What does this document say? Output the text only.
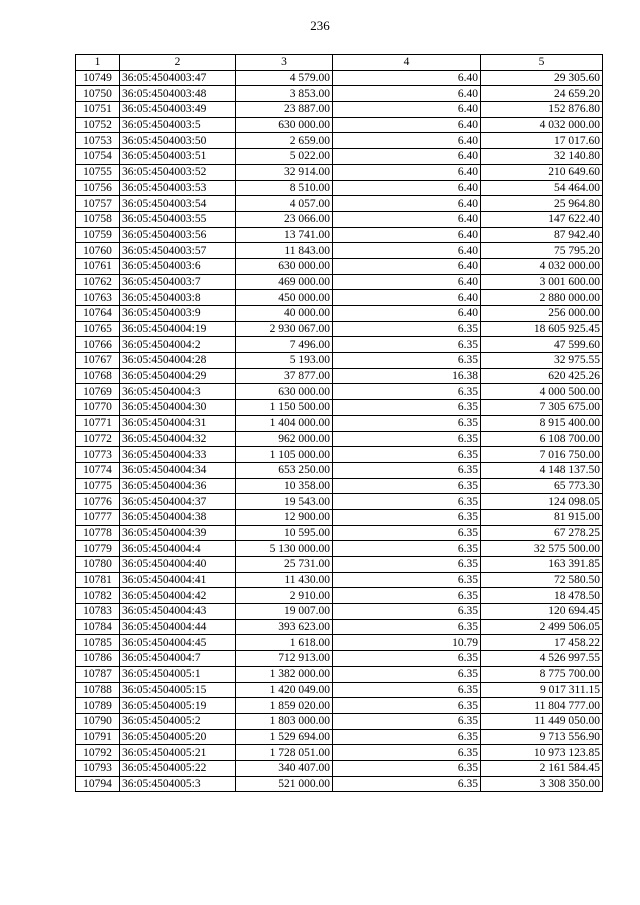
236
1	2	3	4	5
10749	36:05:4504003:47	4 579.00	6.40	29 305.60
10750	36:05:4504003:48	3 853.00	6.40	24 659.20
10751	36:05:4504003:49	23 887.00	6.40	152 876.80
10752	36:05:4504003:5	630 000.00	6.40	4 032 000.00
10753	36:05:4504003:50	2 659.00	6.40	17 017.60
10754	36:05:4504003:51	5 022.00	6.40	32 140.80
10755	36:05:4504003:52	32 914.00	6.40	210 649.60
10756	36:05:4504003:53	8 510.00	6.40	54 464.00
10757	36:05:4504003:54	4 057.00	6.40	25 964.80
10758	36:05:4504003:55	23 066.00	6.40	147 622.40
10759	36:05:4504003:56	13 741.00	6.40	87 942.40
10760	36:05:4504003:57	11 843.00	6.40	75 795.20
10761	36:05:4504003:6	630 000.00	6.40	4 032 000.00
10762	36:05:4504003:7	469 000.00	6.40	3 001 600.00
10763	36:05:4504003:8	450 000.00	6.40	2 880 000.00
10764	36:05:4504003:9	40 000.00	6.40	256 000.00
10765	36:05:4504004:19	2 930 067.00	6.35	18 605 925.45
10766	36:05:4504004:2	7 496.00	6.35	47 599.60
10767	36:05:4504004:28	5 193.00	6.35	32 975.55
10768	36:05:4504004:29	37 877.00	16.38	620 425.26
10769	36:05:4504004:3	630 000.00	6.35	4 000 500.00
10770	36:05:4504004:30	1 150 500.00	6.35	7 305 675.00
10771	36:05:4504004:31	1 404 000.00	6.35	8 915 400.00
10772	36:05:4504004:32	962 000.00	6.35	6 108 700.00
10773	36:05:4504004:33	1 105 000.00	6.35	7 016 750.00
10774	36:05:4504004:34	653 250.00	6.35	4 148 137.50
10775	36:05:4504004:36	10 358.00	6.35	65 773.30
10776	36:05:4504004:37	19 543.00	6.35	124 098.05
10777	36:05:4504004:38	12 900.00	6.35	81 915.00
10778	36:05:4504004:39	10 595.00	6.35	67 278.25
10779	36:05:4504004:4	5 130 000.00	6.35	32 575 500.00
10780	36:05:4504004:40	25 731.00	6.35	163 391.85
10781	36:05:4504004:41	11 430.00	6.35	72 580.50
10782	36:05:4504004:42	2 910.00	6.35	18 478.50
10783	36:05:4504004:43	19 007.00	6.35	120 694.45
10784	36:05:4504004:44	393 623.00	6.35	2 499 506.05
10785	36:05:4504004:45	1 618.00	10.79	17 458.22
10786	36:05:4504004:7	712 913.00	6.35	4 526 997.55
10787	36:05:4504005:1	1 382 000.00	6.35	8 775 700.00
10788	36:05:4504005:15	1 420 049.00	6.35	9 017 311.15
10789	36:05:4504005:19	1 859 020.00	6.35	11 804 777.00
10790	36:05:4504005:2	1 803 000.00	6.35	11 449 050.00
10791	36:05:4504005:20	1 529 694.00	6.35	9 713 556.90
10792	36:05:4504005:21	1 728 051.00	6.35	10 973 123.85
10793	36:05:4504005:22	340 407.00	6.35	2 161 584.45
10794	36:05:4504005:3	521 000.00	6.35	3 308 350.00
